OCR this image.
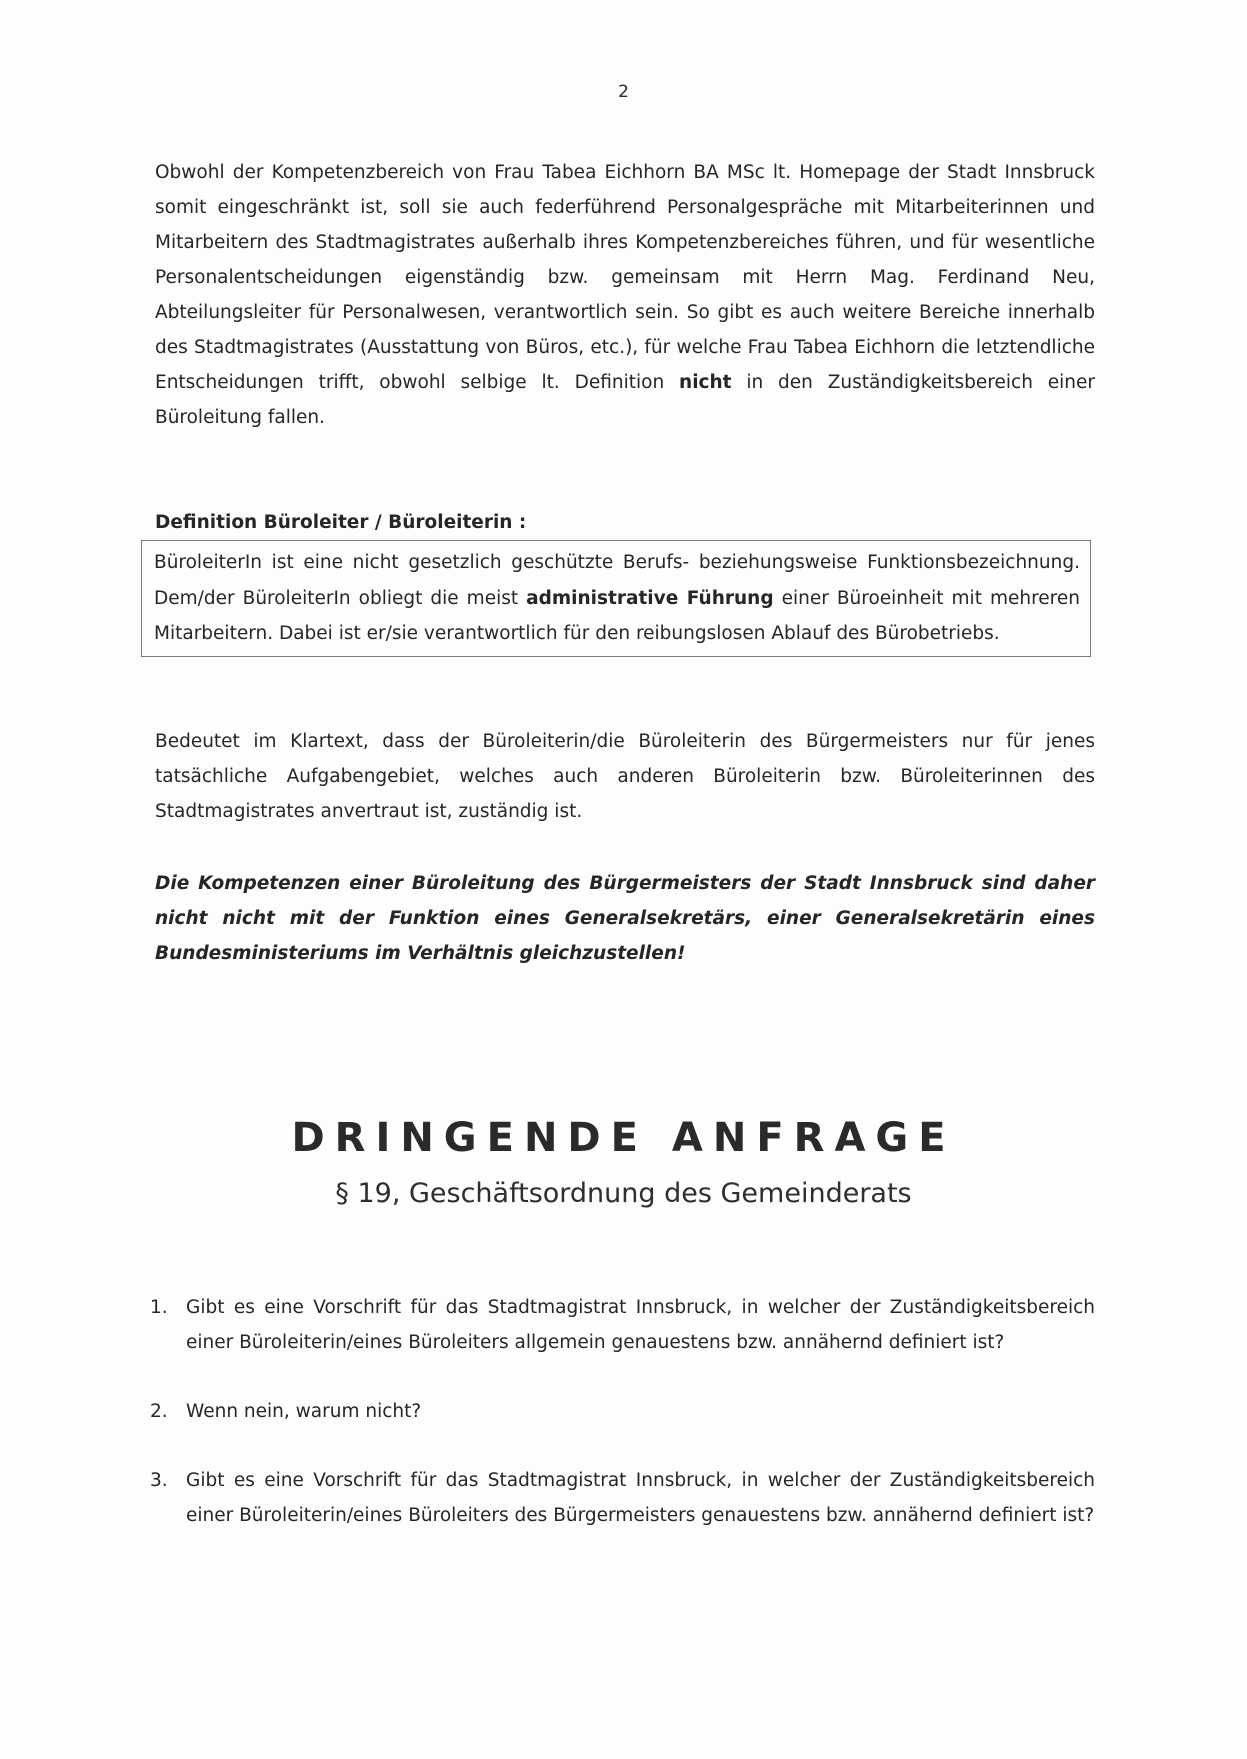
2

Obwohl der Kompetenzbereich von Frau Tabea Eichhorn BA MSc lt. Homepage der Stadt Innsbruck somit eingeschränkt ist, soll sie auch federführend Personalgespräche mit Mitarbeiterinnen und Mitarbeitern des Stadtmagistrates außerhalb ihres Kompetenzbereiches führen, und für wesentliche Personalentscheidungen eigenständig bzw. gemeinsam mit Herrn Mag. Ferdinand Neu, Abteilungsleiter für Personalwesen, verantwortlich sein. So gibt es auch weitere Bereiche innerhalb des Stadtmagistrates (Ausstattung von Büros, etc.), für welche Frau Tabea Eichhorn die letztendliche Entscheidungen trifft, obwohl selbige lt. Definition nicht in den Zuständigkeitsbereich einer Büroleitung fallen.

Definition Büroleiter / Büroleiterin :

BüroleiterIn ist eine nicht gesetzlich geschützte Berufs- beziehungsweise Funktionsbezeichnung. Dem/der BüroleiterIn obliegt die meist administrative Führung einer Büroeinheit mit mehreren Mitarbeitern. Dabei ist er/sie verantwortlich für den reibungslosen Ablauf des Bürobetriebs.

Bedeutet im Klartext, dass der Büroleiterin/die Büroleiterin des Bürgermeisters nur für jenes tatsächliche Aufgabengebiet, welches auch anderen Büroleiterin bzw. Büroleiterinnen des Stadtmagistrates anvertraut ist, zuständig ist.

Die Kompetenzen einer Büroleitung des Bürgermeisters der Stadt Innsbruck sind daher nicht nicht mit der Funktion eines Generalsekretärs, einer Generalsekretärin eines Bundesministeriums im Verhältnis gleichzustellen!

DRINGENDE ANFRAGE
§ 19, Geschäftsordnung des Gemeinderats
1. Gibt es eine Vorschrift für das Stadtmagistrat Innsbruck, in welcher der Zuständigkeitsbereich einer Büroleiterin/eines Büroleiters allgemein genauestens bzw. annähernd definiert ist?
2. Wenn nein, warum nicht?
3. Gibt es eine Vorschrift für das Stadtmagistrat Innsbruck, in welcher der Zuständigkeitsbereich einer Büroleiterin/eines Büroleiters des Bürgermeisters genauestens bzw. annähernd definiert ist?
